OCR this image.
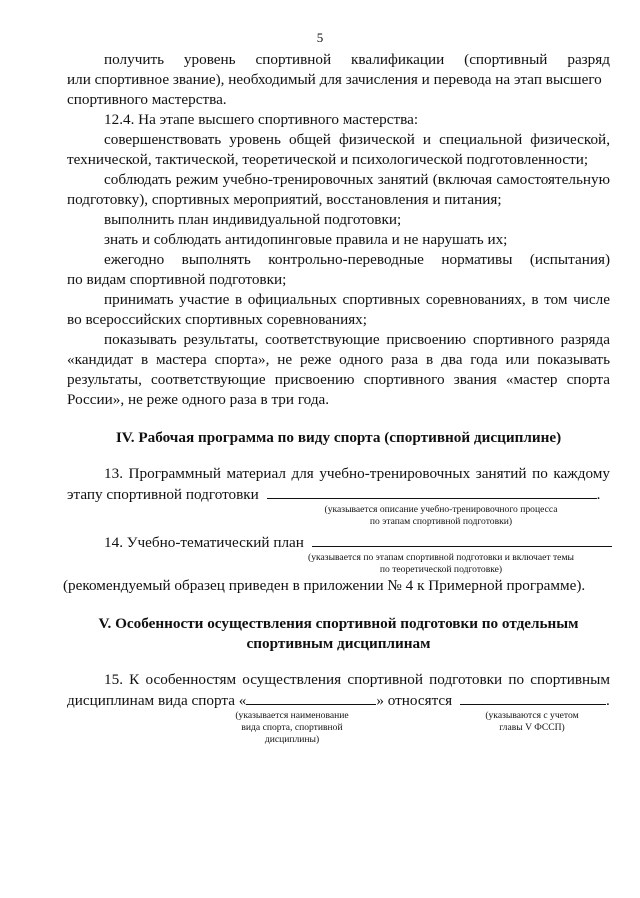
5
получить уровень спортивной квалификации (спортивный разряд
или спортивное звание), необходимый для зачисления и перевода на этап высшего
спортивного мастерства.
12.4. На этапе высшего спортивного мастерства:
совершенствовать уровень общей физической и специальной физической,
технической, тактической, теоретической и психологической подготовленности;
соблюдать режим учебно-тренировочных занятий (включая самостоятельную
подготовку), спортивных мероприятий, восстановления и питания;
выполнить план индивидуальной подготовки;
знать и соблюдать антидопинговые правила и не нарушать их;
ежегодно выполнять контрольно-переводные нормативы (испытания)
по видам спортивной подготовки;
принимать участие в официальных спортивных соревнованиях, в том числе
во всероссийских спортивных соревнованиях;
показывать результаты, соответствующие присвоению спортивного разряда
«кандидат в мастера спорта», не реже одного раза в два года или показывать
результаты, соответствующие присвоению спортивного звания «мастер спорта
России», не реже одного раза в три года.
IV. Рабочая программа по виду спорта (спортивной дисциплине)
13. Программный материал для учебно-тренировочных занятий по каждому
этапу спортивной подготовки	.
(указывается описание учебно-тренировочного процесса
по этапам спортивной подготовки)
14. Учебно-тематический план
(указывается по этапам спортивной подготовки и включает темы
по теоретической подготовке)
(рекомендуемый образец приведен в приложении № 4 к Примерной программе).
V. Особенности осуществления спортивной подготовки по отдельным
спортивным дисциплинам
15. К особенностям осуществления спортивной подготовки по спортивным
дисциплинам вида спорта «	» относятся	.
(указывается наименование
вида спорта, спортивной
дисциплины)
(указываются с учетом
главы V ФССП)
